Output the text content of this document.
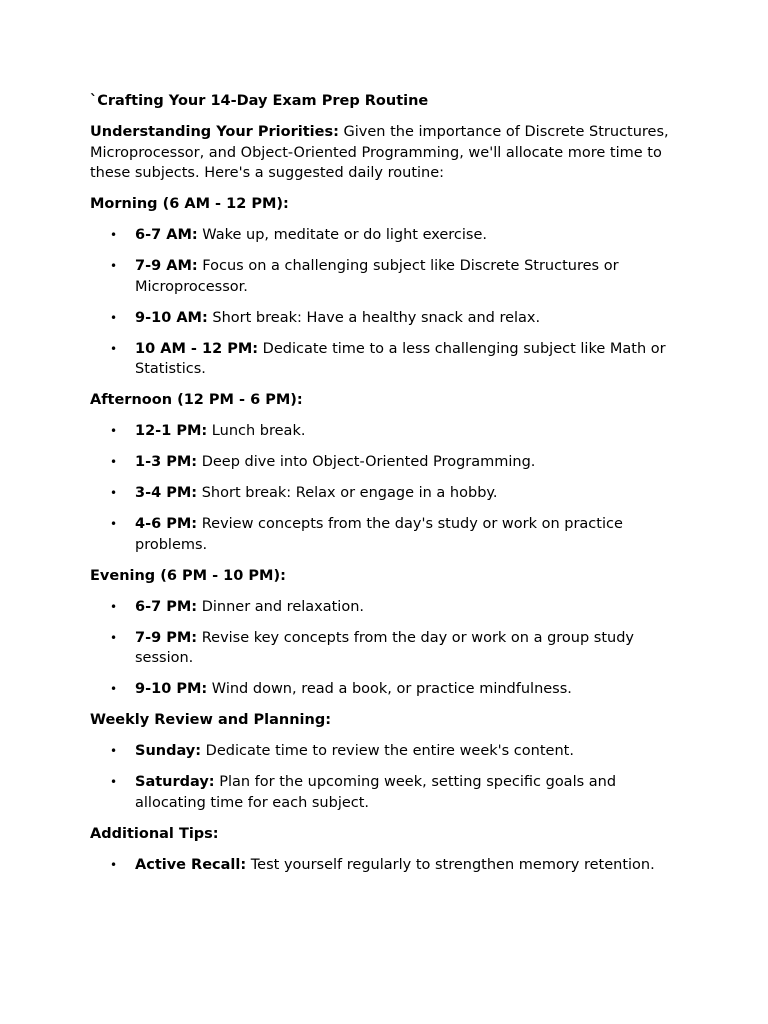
`Crafting Your 14-Day Exam Prep Routine

Understanding Your Priorities: Given the importance of Discrete Structures, Microprocessor, and Object-Oriented Programming, we'll allocate more time to these subjects. Here's a suggested daily routine:

Morning (6 AM - 12 PM):
• 6-7 AM: Wake up, meditate or do light exercise.
• 7-9 AM: Focus on a challenging subject like Discrete Structures or Microprocessor.
• 9-10 AM: Short break: Have a healthy snack and relax.
• 10 AM - 12 PM: Dedicate time to a less challenging subject like Math or Statistics.
Afternoon (12 PM - 6 PM):
• 12-1 PM: Lunch break.
• 1-3 PM: Deep dive into Object-Oriented Programming.
• 3-4 PM: Short break: Relax or engage in a hobby.
• 4-6 PM: Review concepts from the day's study or work on practice problems.
Evening (6 PM - 10 PM):
• 6-7 PM: Dinner and relaxation.
• 7-9 PM: Revise key concepts from the day or work on a group study session.
• 9-10 PM: Wind down, read a book, or practice mindfulness.
Weekly Review and Planning:
• Sunday: Dedicate time to review the entire week's content.
• Saturday: Plan for the upcoming week, setting specific goals and allocating time for each subject.
Additional Tips:
• Active Recall: Test yourself regularly to strengthen memory retention.
